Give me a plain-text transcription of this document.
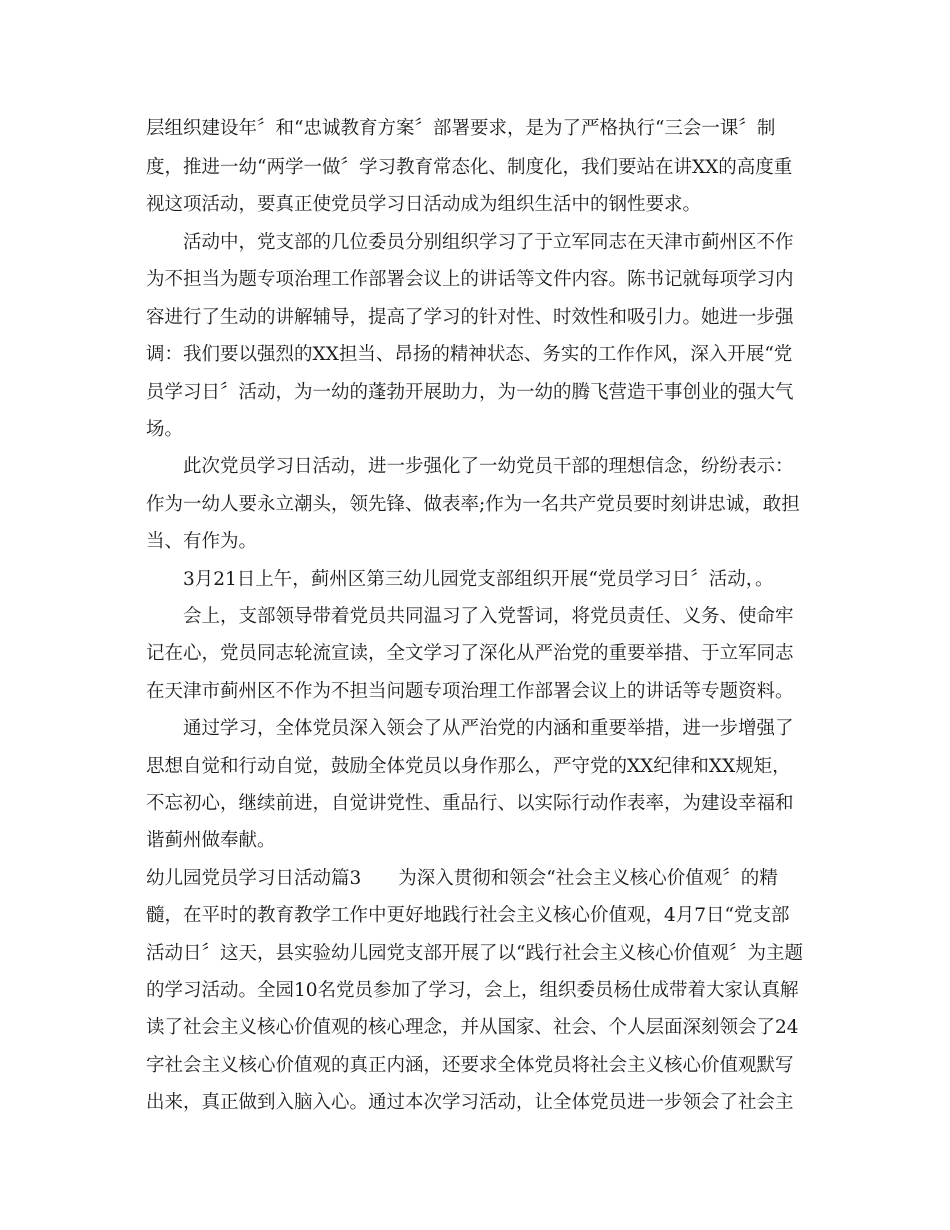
层组织建设年〞和“忠诚教育方案〞部署要求，是为了严格执行“三会一课〞制
度，推进一幼“两学一做〞学习教育常态化、制度化，我们要站在讲XX的高度重
视这项活动，要真正使党员学习日活动成为组织生活中的钢性要求。
活动中，党支部的几位委员分别组织学习了于立军同志在天津市蓟州区不作
为不担当为题专项治理工作部署会议上的讲话等文件内容。陈书记就每项学习内
容进行了生动的讲解辅导，提高了学习的针对性、时效性和吸引力。她进一步强
调：我们要以强烈的XX担当、昂扬的精神状态、务实的工作作风，深入开展“党
员学习日〞活动，为一幼的蓬勃开展助力，为一幼的腾飞营造干事创业的强大气
场。
此次党员学习日活动，进一步强化了一幼党员干部的理想信念，纷纷表示：
作为一幼人要永立潮头，领先锋、做表率;作为一名共产党员要时刻讲忠诚，敢担
当、有作为。
3月21日上午，蓟州区第三幼儿园党支部组织开展“党员学习日〞活动，。
会上，支部领导带着党员共同温习了入党誓词，将党员责任、义务、使命牢
记在心，党员同志轮流宣读，全文学习了深化从严治党的重要举措、于立军同志
在天津市蓟州区不作为不担当问题专项治理工作部署会议上的讲话等专题资料。
通过学习，全体党员深入领会了从严治党的内涵和重要举措，进一步增强了
思想自觉和行动自觉，鼓励全体党员以身作那么，严守党的XX纪律和XX规矩，
不忘初心，继续前进，自觉讲党性、重品行、以实际行动作表率，为建设幸福和
谐蓟州做奉献。
幼儿园党员学习日活动篇3　　为深入贯彻和领会“社会主义核心价值观〞的精
髓，在平时的教育教学工作中更好地践行社会主义核心价值观，4月7日“党支部
活动日〞这天，县实验幼儿园党支部开展了以“践行社会主义核心价值观〞为主题
的学习活动。全园10名党员参加了学习，会上，组织委员杨仕成带着大家认真解
读了社会主义核心价值观的核心理念，并从国家、社会、个人层面深刻领会了24
字社会主义核心价值观的真正内涵，还要求全体党员将社会主义核心价值观默写
出来，真正做到入脑入心。通过本次学习活动，让全体党员进一步领会了社会主
